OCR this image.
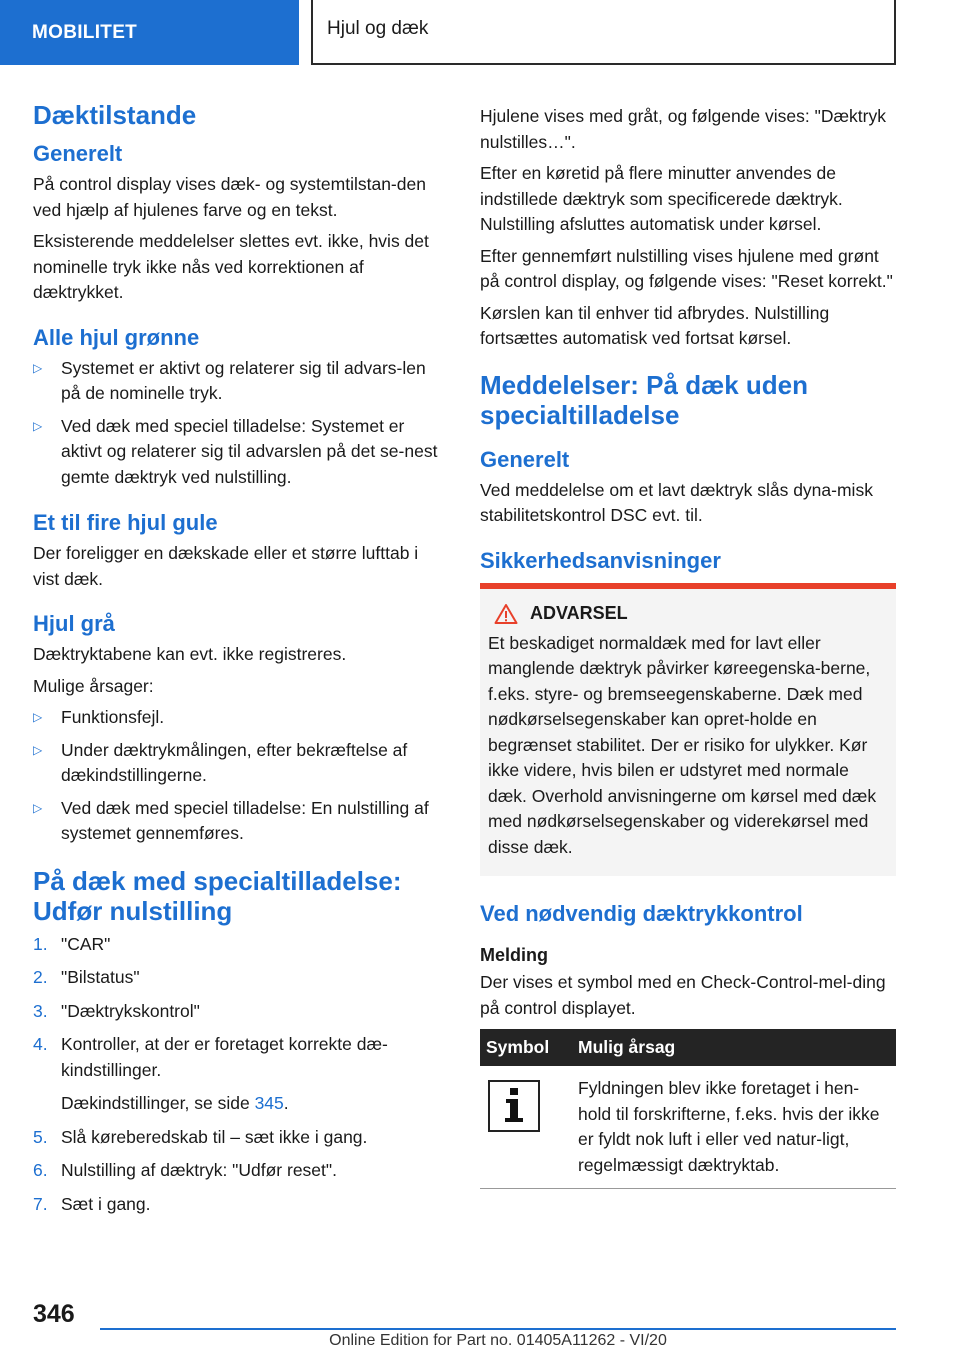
MOBILITET	Hjul og dæk
Dæktilstande
Generelt

På control display vises dæk- og systemtilstan-den ved hjælp af hjulenes farve og en tekst.

Eksisterende meddelelser slettes evt. ikke, hvis det nominelle tryk ikke nås ved korrektionen af dæktrykket.

Alle hjul grønne
▷ Systemet er aktivt og relaterer sig til advars-len på de nominelle tryk.
▷ Ved dæk med speciel tilladelse: Systemet er aktivt og relaterer sig til advarslen på det se-nest gemte dæktryk ved nulstilling.
Et til fire hjul gule

Der foreligger en dækskade eller et større lufttab i vist dæk.

Hjul grå

Dæktryktabene kan evt. ikke registreres.

Mulige årsager:

▷ Funktionsfejl.
▷ Under dæktrykmålingen, efter bekræftelse af dækindstillingerne.
▷ Ved dæk med speciel tilladelse: En nulstilling af systemet gennemføres.
På dæk med specialtilladelse: Udfør nulstilling
1. "CAR"
2. "Bilstatus"
3. "Dæktrykskontrol"
4. Kontroller, at der er foretaget korrekte dæ-kindstillinger.
Dækindstillinger, se side 345.
5. Slå køreberedskab til – sæt ikke i gang.
6. Nulstilling af dæktryk: "Udfør reset".
7. Sæt i gang.

Hjulene vises med gråt, og følgende vises: "Dæktryk nulstilles…".

Efter en køretid på flere minutter anvendes de indstillede dæktryk som specificerede dæktryk. Nulstilling afsluttes automatisk under kørsel.

Efter gennemført nulstilling vises hjulene med grønt på control display, og følgende vises: "Reset korrekt."

Kørslen kan til enhver tid afbrydes. Nulstilling fortsættes automatisk ved fortsat kørsel.

Meddelelser: På dæk uden specialtilladelse
Generelt

Ved meddelelse om et lavt dæktryk slås dyna-misk stabilitetskontrol DSC evt. til.

Sikkerhedsanvisninger
ADVARSEL

Et beskadiget normaldæk med for lavt eller manglende dæktryk påvirker køreegenska-berne, f.eks. styre- og bremseegenskaberne. Dæk med nødkørselsegenskaber kan opret-holde en begrænset stabilitet. Der er risiko for ulykker. Kør ikke videre, hvis bilen er udstyret med normale dæk. Overhold anvisningerne om kørsel med dæk med nødkørselsegenskaber og viderekørsel med disse dæk.

Ved nødvendig dæktrykkontrol
Melding

Der vises et symbol med en Check-Control-mel-ding på control displayet.

Symbol	Mulig årsag

	Fyldningen blev ikke foretaget i hen-hold til forskrifterne, f.eks. hvis der ikke er fyldt nok luft i eller ved natur-ligt, regelmæssigt dæktryktab.
346
Online Edition for Part no. 01405A11262 - VI/20
